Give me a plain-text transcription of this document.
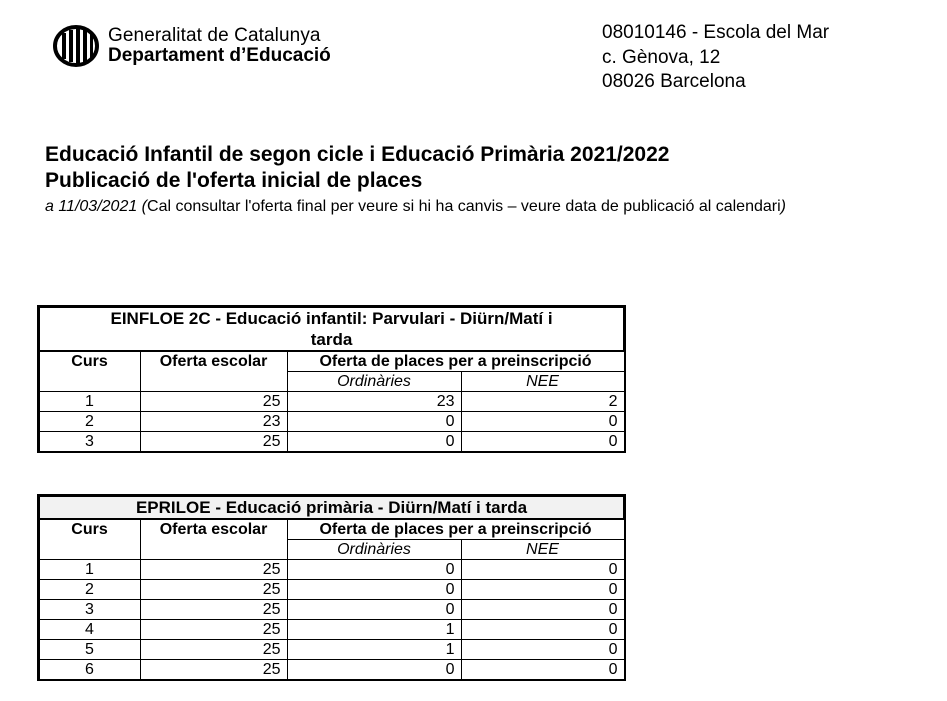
Generalitat de Catalunya
Departament d’Educació
08010146 - Escola del Mar
c. Gènova, 12
08026 Barcelona
Educació Infantil de segon cicle i Educació Primària 2021/2022
Publicació de l'oferta inicial de places
a 11/03/2021 (Cal consultar l'oferta final per veure si hi ha canvis – veure data de publicació al calendari)
EINFLOE 2C - Educació infantil: Parvulari - Diürn/Matí i tarda			
Curs	Oferta escolar	Oferta de places per a preinscripció	
		Ordinàries	NEE
1	25	23	2
2	23	0	0
3	25	0	0
EPRILOE - Educació primària - Diürn/Matí i tarda			
Curs	Oferta escolar	Oferta de places per a preinscripció	
		Ordinàries	NEE
1	25	0	0
2	25	0	0
3	25	0	0
4	25	1	0
5	25	1	0
6	25	0	0
